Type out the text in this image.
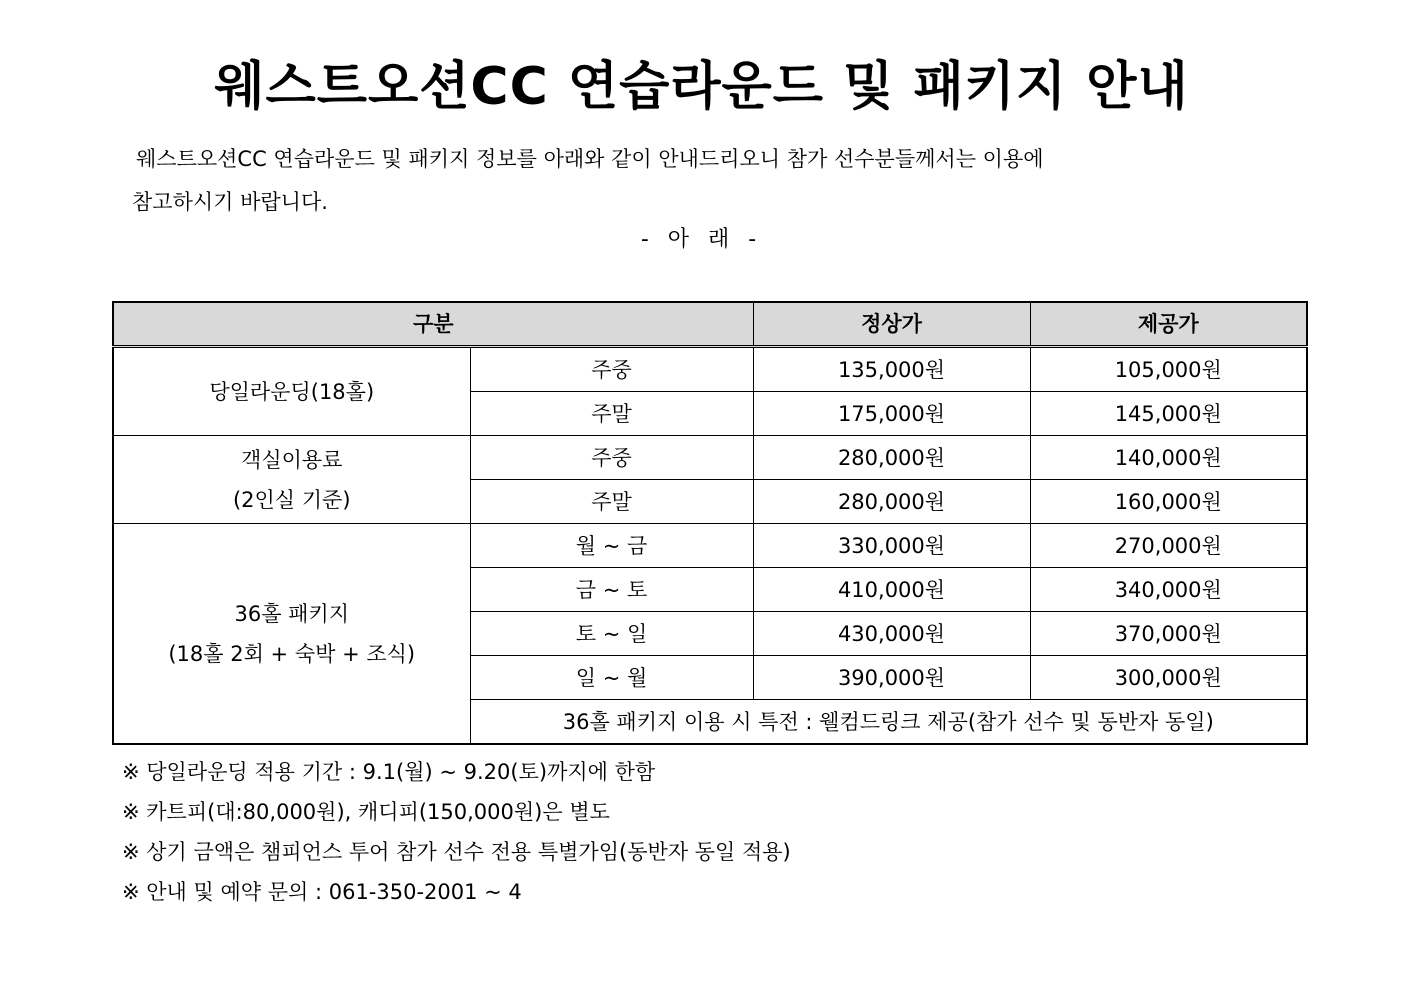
웨스트오션CC 연습라운드 및 패키지 안내
웨스트오션CC 연습라운드 및 패키지 정보를 아래와 같이 안내드리오니 참가 선수분들께서는 이용에
참고하시기 바랍니다.
- 아 래 -
구분		정상가	제공가

당일라운딩(18홀)	주중	135,000원	105,000원
	주말	175,000원	145,000원

객실이용료
(2인실 기준)	주중	280,000원	140,000원
	주말	280,000원	160,000원

36홀 패키지
(18홀 2회 + 숙박 + 조식)	월 ~ 금	330,000원	270,000원
	금 ~ 토	410,000원	340,000원
	토 ~ 일	430,000원	370,000원
	일 ~ 월	390,000원	300,000원
	36홀 패키지 이용 시 특전 : 웰컴드링크 제공(참가 선수 및 동반자 동일)		
※ 당일라운딩 적용 기간 : 9.1(월) ~ 9.20(토)까지에 한함
※ 카트피(대:80,000원), 캐디피(150,000원)은 별도
※ 상기 금액은 챔피언스 투어 참가 선수 전용 특별가임(동반자 동일 적용)
※ 안내 및 예약 문의 : 061-350-2001 ~ 4
